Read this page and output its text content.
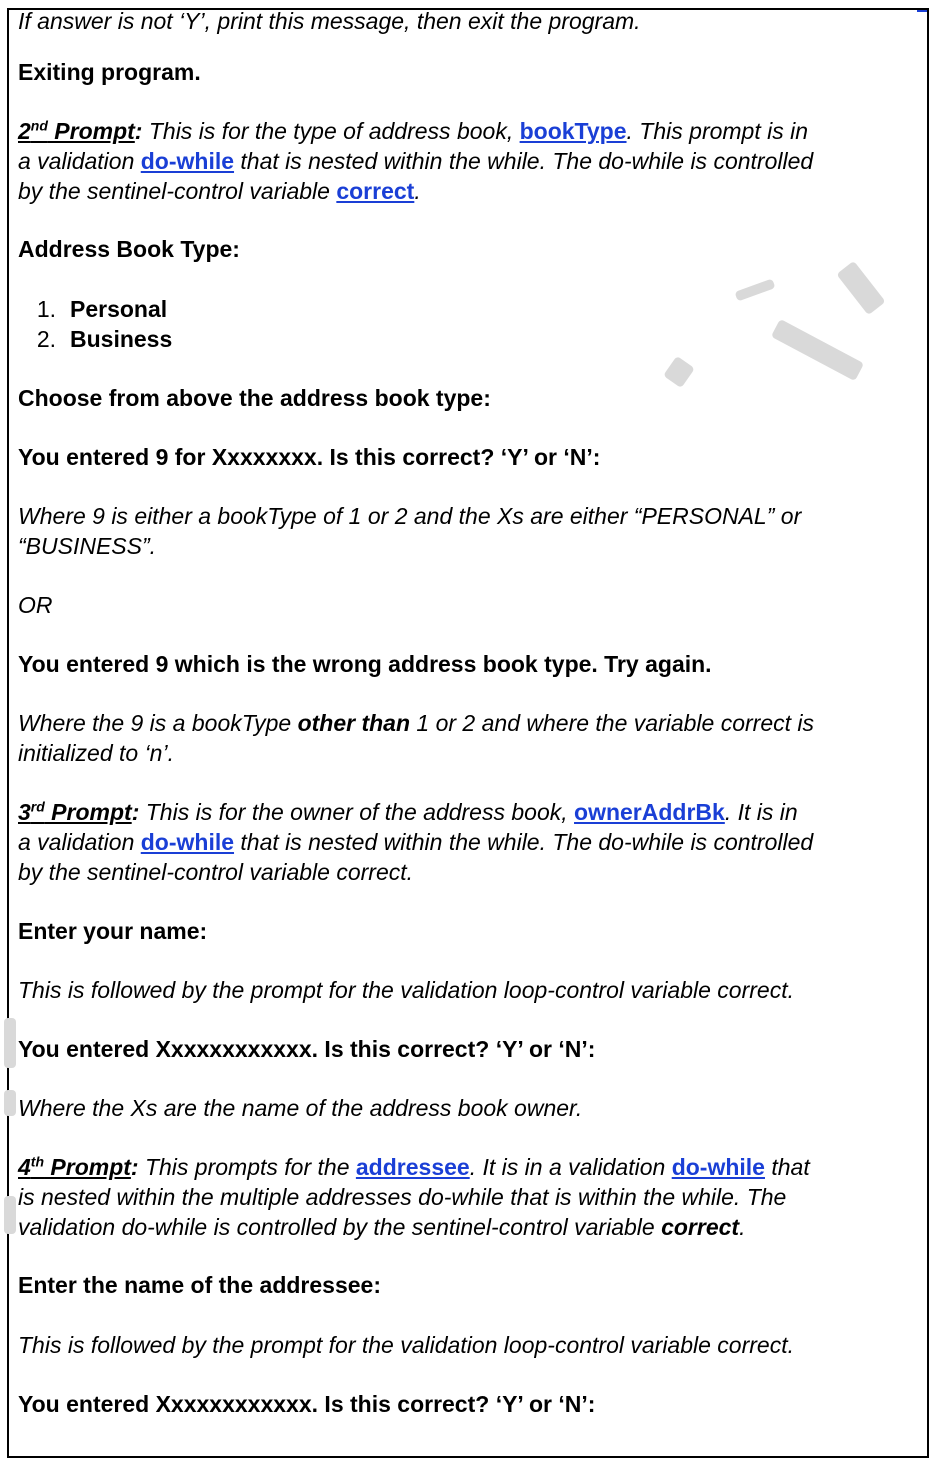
If answer is not ‘Y’, print this message, then exit the program.
Exiting program.
2nd Prompt: This is for the type of address book, bookType. This prompt is in
a validation do-while that is nested within the while. The do-while is controlled
by the sentinel-control variable correct.
Address Book Type:
1. Personal
2. Business
Choose from above the address book type:
You entered 9 for Xxxxxxxx. Is this correct? ‘Y’ or ‘N’:
Where 9 is either a bookType of 1 or 2 and the Xs are either “PERSONAL” or
“BUSINESS”.
OR
You entered 9 which is the wrong address book type. Try again.
Where the 9 is a bookType other than 1 or 2 and where the variable correct is
initialized to ‘n’.
3rd Prompt: This is for the owner of the address book, ownerAddrBk. It is in
a validation do-while that is nested within the while. The do-while is controlled
by the sentinel-control variable correct.
Enter your name:
This is followed by the prompt for the validation loop-control variable correct.
You entered Xxxxxxxxxxxx. Is this correct? ‘Y’ or ‘N’:
Where the Xs are the name of the address book owner.
4th Prompt: This prompts for the addressee. It is in a validation do-while that
is nested within the multiple addresses do-while that is within the while. The
validation do-while is controlled by the sentinel-control variable correct.
Enter the name of the addressee:
This is followed by the prompt for the validation loop-control variable correct.
You entered Xxxxxxxxxxxx. Is this correct? ‘Y’ or ‘N’:
